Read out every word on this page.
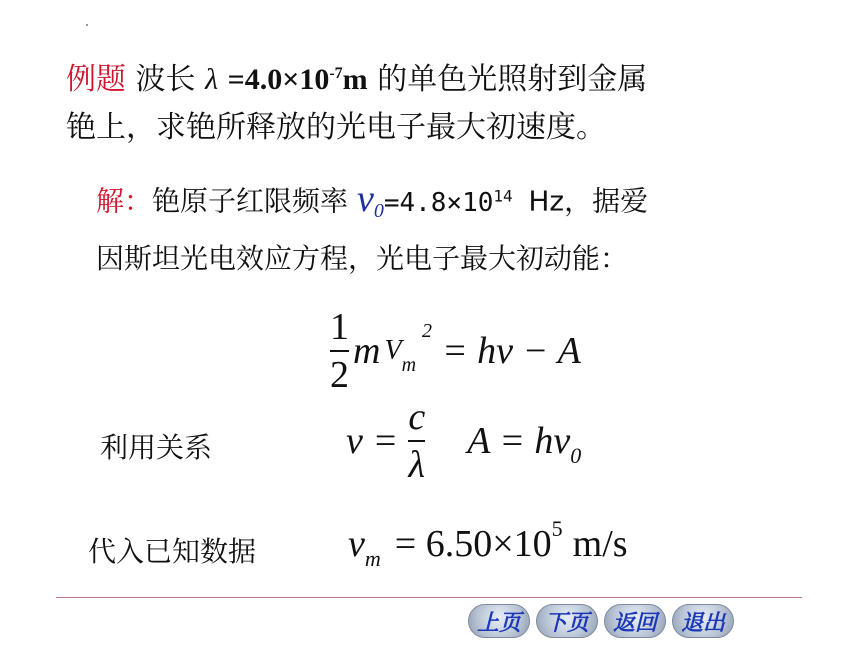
例题 波长 $\lambda =4.0\times 10^{-7}m$ 的单色光照射到金属
铯上，求铯所释放的光电子最大初速度。
解：铯原子红限频率 $\nu_0=4.8\times 10^{14}$ Hz，据爱
因斯坦光电效应方程，光电子最大初动能：
$\frac{1}{2}$ m $V_m^2 = h\nu - A$
利用关系	$\nu = \frac{c}{\lambda}$ $A = h\nu_0$
代入已知数据 $v_m = 6.50\times 10^5$ m/s
上页	下页	返回	退出
